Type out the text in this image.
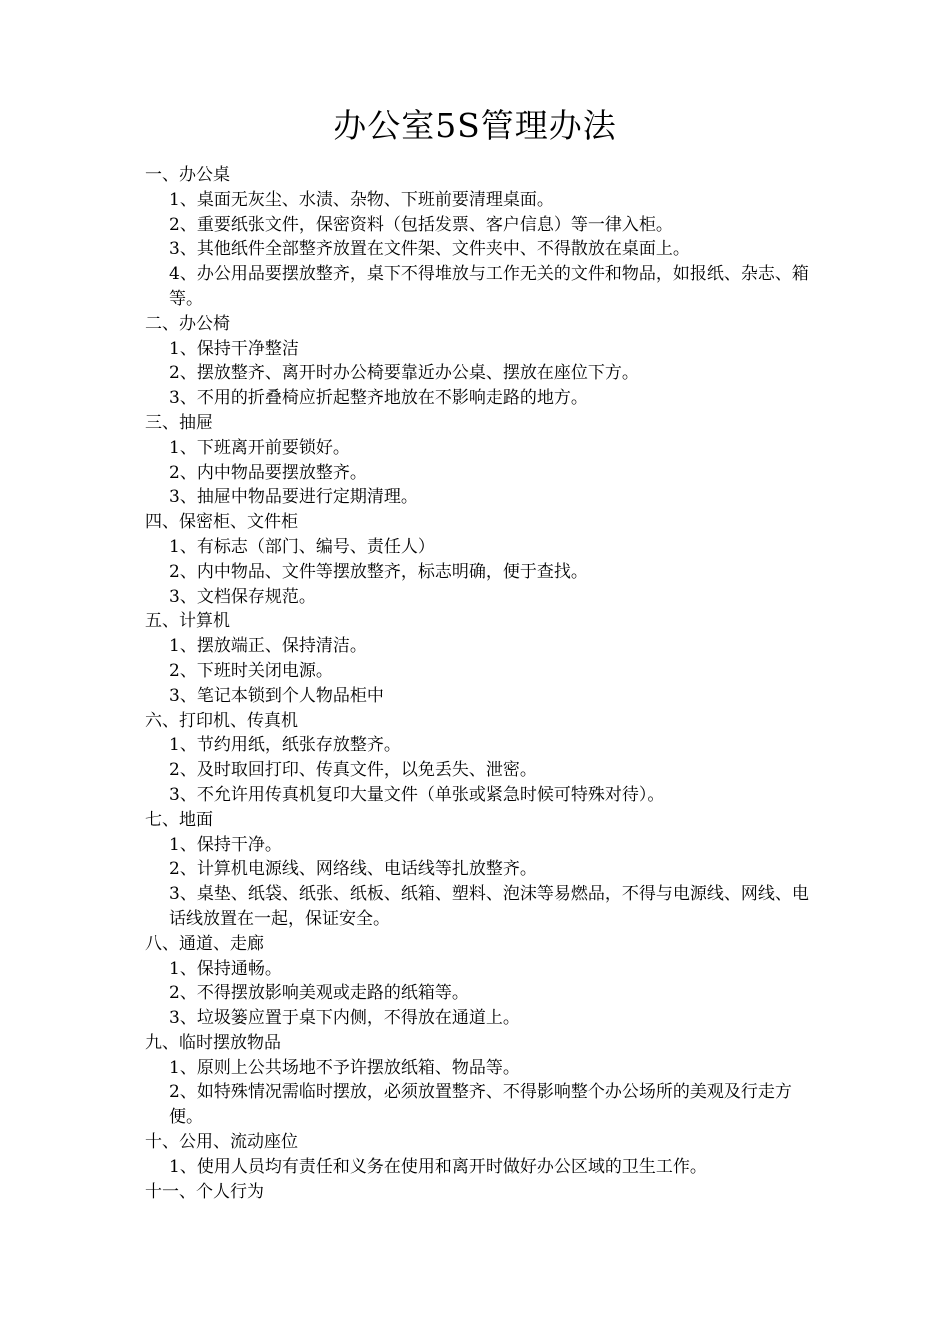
办公室5S管理办法
一、办公桌
1、桌面无灰尘、水渍、杂物、下班前要清理桌面。
2、重要纸张文件，保密资料（包括发票、客户信息）等一律入柜。
3、其他纸件全部整齐放置在文件架、文件夹中、不得散放在桌面上。
4、办公用品要摆放整齐，桌下不得堆放与工作无关的文件和物品，如报纸、杂志、箱等。
二、办公椅
1、保持干净整洁
2、摆放整齐、离开时办公椅要靠近办公桌、摆放在座位下方。
3、不用的折叠椅应折起整齐地放在不影响走路的地方。
三、抽屉
1、下班离开前要锁好。
2、内中物品要摆放整齐。
3、抽屉中物品要进行定期清理。
四、保密柜、文件柜
1、有标志（部门、编号、责任人）
2、内中物品、文件等摆放整齐，标志明确，便于查找。
3、文档保存规范。
五、计算机
1、摆放端正、保持清洁。
2、下班时关闭电源。
3、笔记本锁到个人物品柜中
六、打印机、传真机
1、节约用纸，纸张存放整齐。
2、及时取回打印、传真文件，以免丢失、泄密。
3、不允许用传真机复印大量文件（单张或紧急时候可特殊对待）。
七、地面
1、保持干净。
2、计算机电源线、网络线、电话线等扎放整齐。
3、桌垫、纸袋、纸张、纸板、纸箱、塑料、泡沫等易燃品，不得与电源线、网线、电话线放置在一起，保证安全。
八、通道、走廊
1、保持通畅。
2、不得摆放影响美观或走路的纸箱等。
3、垃圾篓应置于桌下内侧，不得放在通道上。
九、临时摆放物品
1、原则上公共场地不予许摆放纸箱、物品等。
2、如特殊情况需临时摆放，必须放置整齐、不得影响整个办公场所的美观及行走方便。
十、公用、流动座位
1、使用人员均有责任和义务在使用和离开时做好办公区域的卫生工作。
十一、个人行为
